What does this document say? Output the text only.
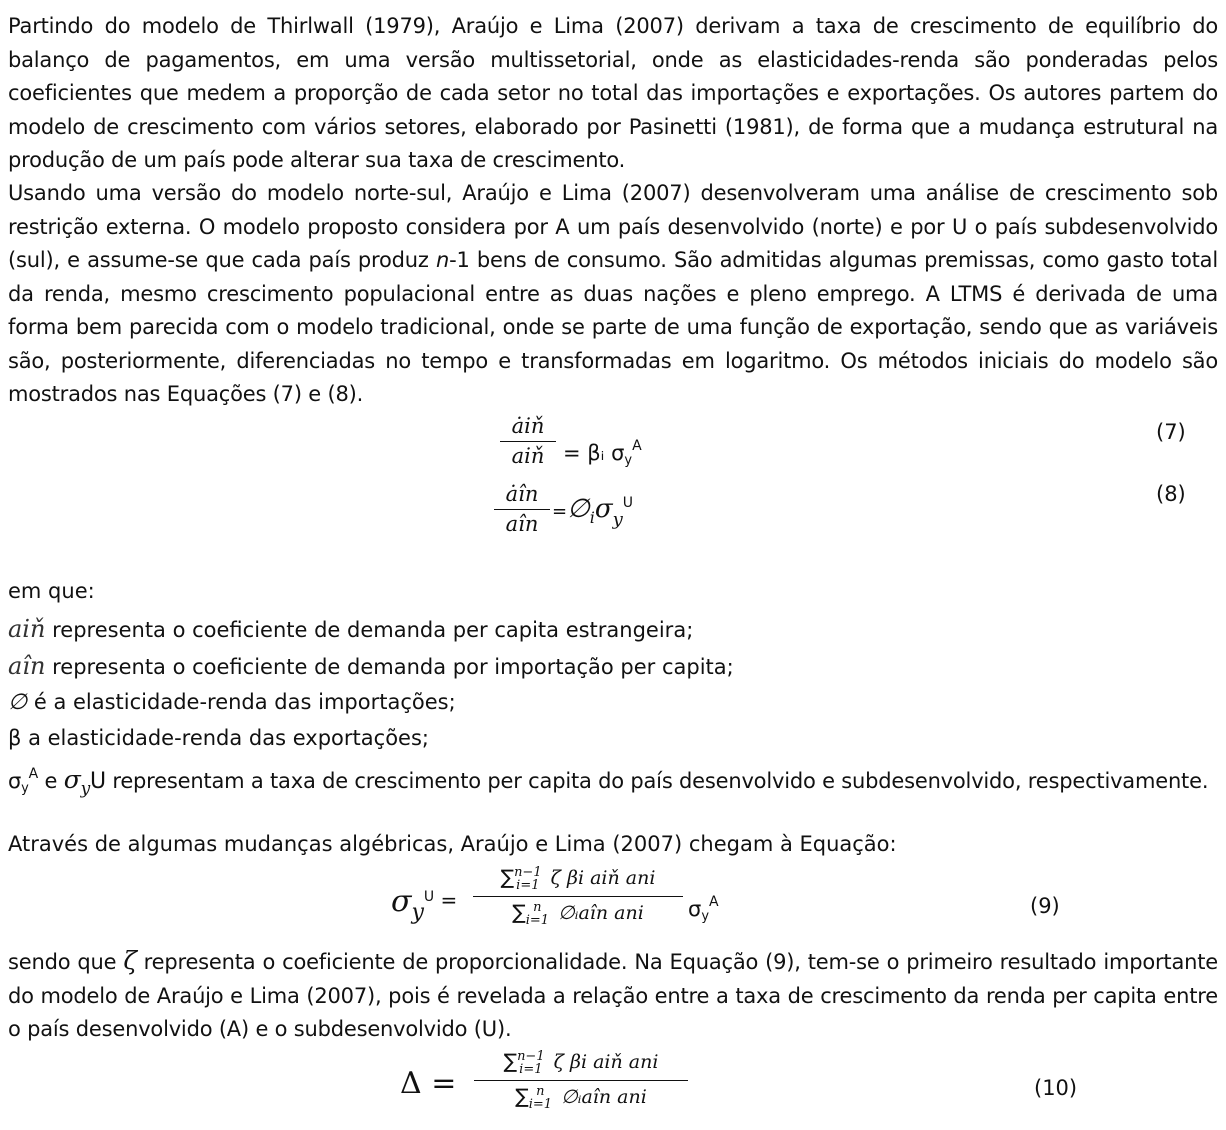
Partindo do modelo de Thirlwall (1979), Araújo e Lima (2007) derivam a taxa de crescimento de equilíbrio do balanço de pagamentos, em uma versão multissetorial, onde as elasticidades-renda são ponderadas pelos coeficientes que medem a proporção de cada setor no total das importações e exportações. Os autores partem do modelo de crescimento com vários setores, elaborado por Pasinetti (1981), de forma que a mudança estrutural na produção de um país pode alterar sua taxa de crescimento.

Usando uma versão do modelo norte-sul, Araújo e Lima (2007) desenvolveram uma análise de crescimento sob restrição externa. O modelo proposto considera por A um país desenvolvido (norte) e por U o país subdesenvolvido (sul), e assume-se que cada país produz n-1 bens de consumo. São admitidas algumas premissas, como gasto total da renda, mesmo crescimento populacional entre as duas nações e pleno emprego. A LTMS é derivada de uma forma bem parecida com o modelo tradicional, onde se parte de uma função de exportação, sendo que as variáveis são, posteriormente, diferenciadas no tempo e transformadas em logaritmo. Os métodos iniciais do modelo são mostrados nas Equações (7) e (8).

ȧiň
aiň = βᵢ $\sigma_y^A$
(7)
ȧîn
aîn
$=\emptyset_i\sigma_y^U$	(8)
em que:
aiň representa o coeficiente de demanda per capita estrangeira;
aîn representa o coeficiente de demanda por importação per capita;
∅ é a elasticidade-renda das importações;
β a elasticidade-renda das exportações;

$\sigma_y^A$ e $\sigma_yU$ representam a taxa de crescimento per capita do país desenvolvido e subdesenvolvido, respectivamente.

Através de algumas mudanças algébricas, Araújo e Lima (2007) chegam à Equação:
$\sigma_y^U$ =
∑ n−1
i=1 ζ βi aiň ani
∑ n
i=1 ∅ᵢaîn ani	$\sigma_y^A$	(9)

sendo que ζ representa o coeficiente de proporcionalidade. Na Equação (9), tem-se o primeiro resultado importante do modelo de Araújo e Lima (2007), pois é revelada a relação entre a taxa de crescimento da renda per capita entre o país desenvolvido (A) e o subdesenvolvido (U).

Δ =
∑ n−1
i=1 ζ βi aiň ani
∑ n
i=1 ∅ᵢaîn ani	(10)
